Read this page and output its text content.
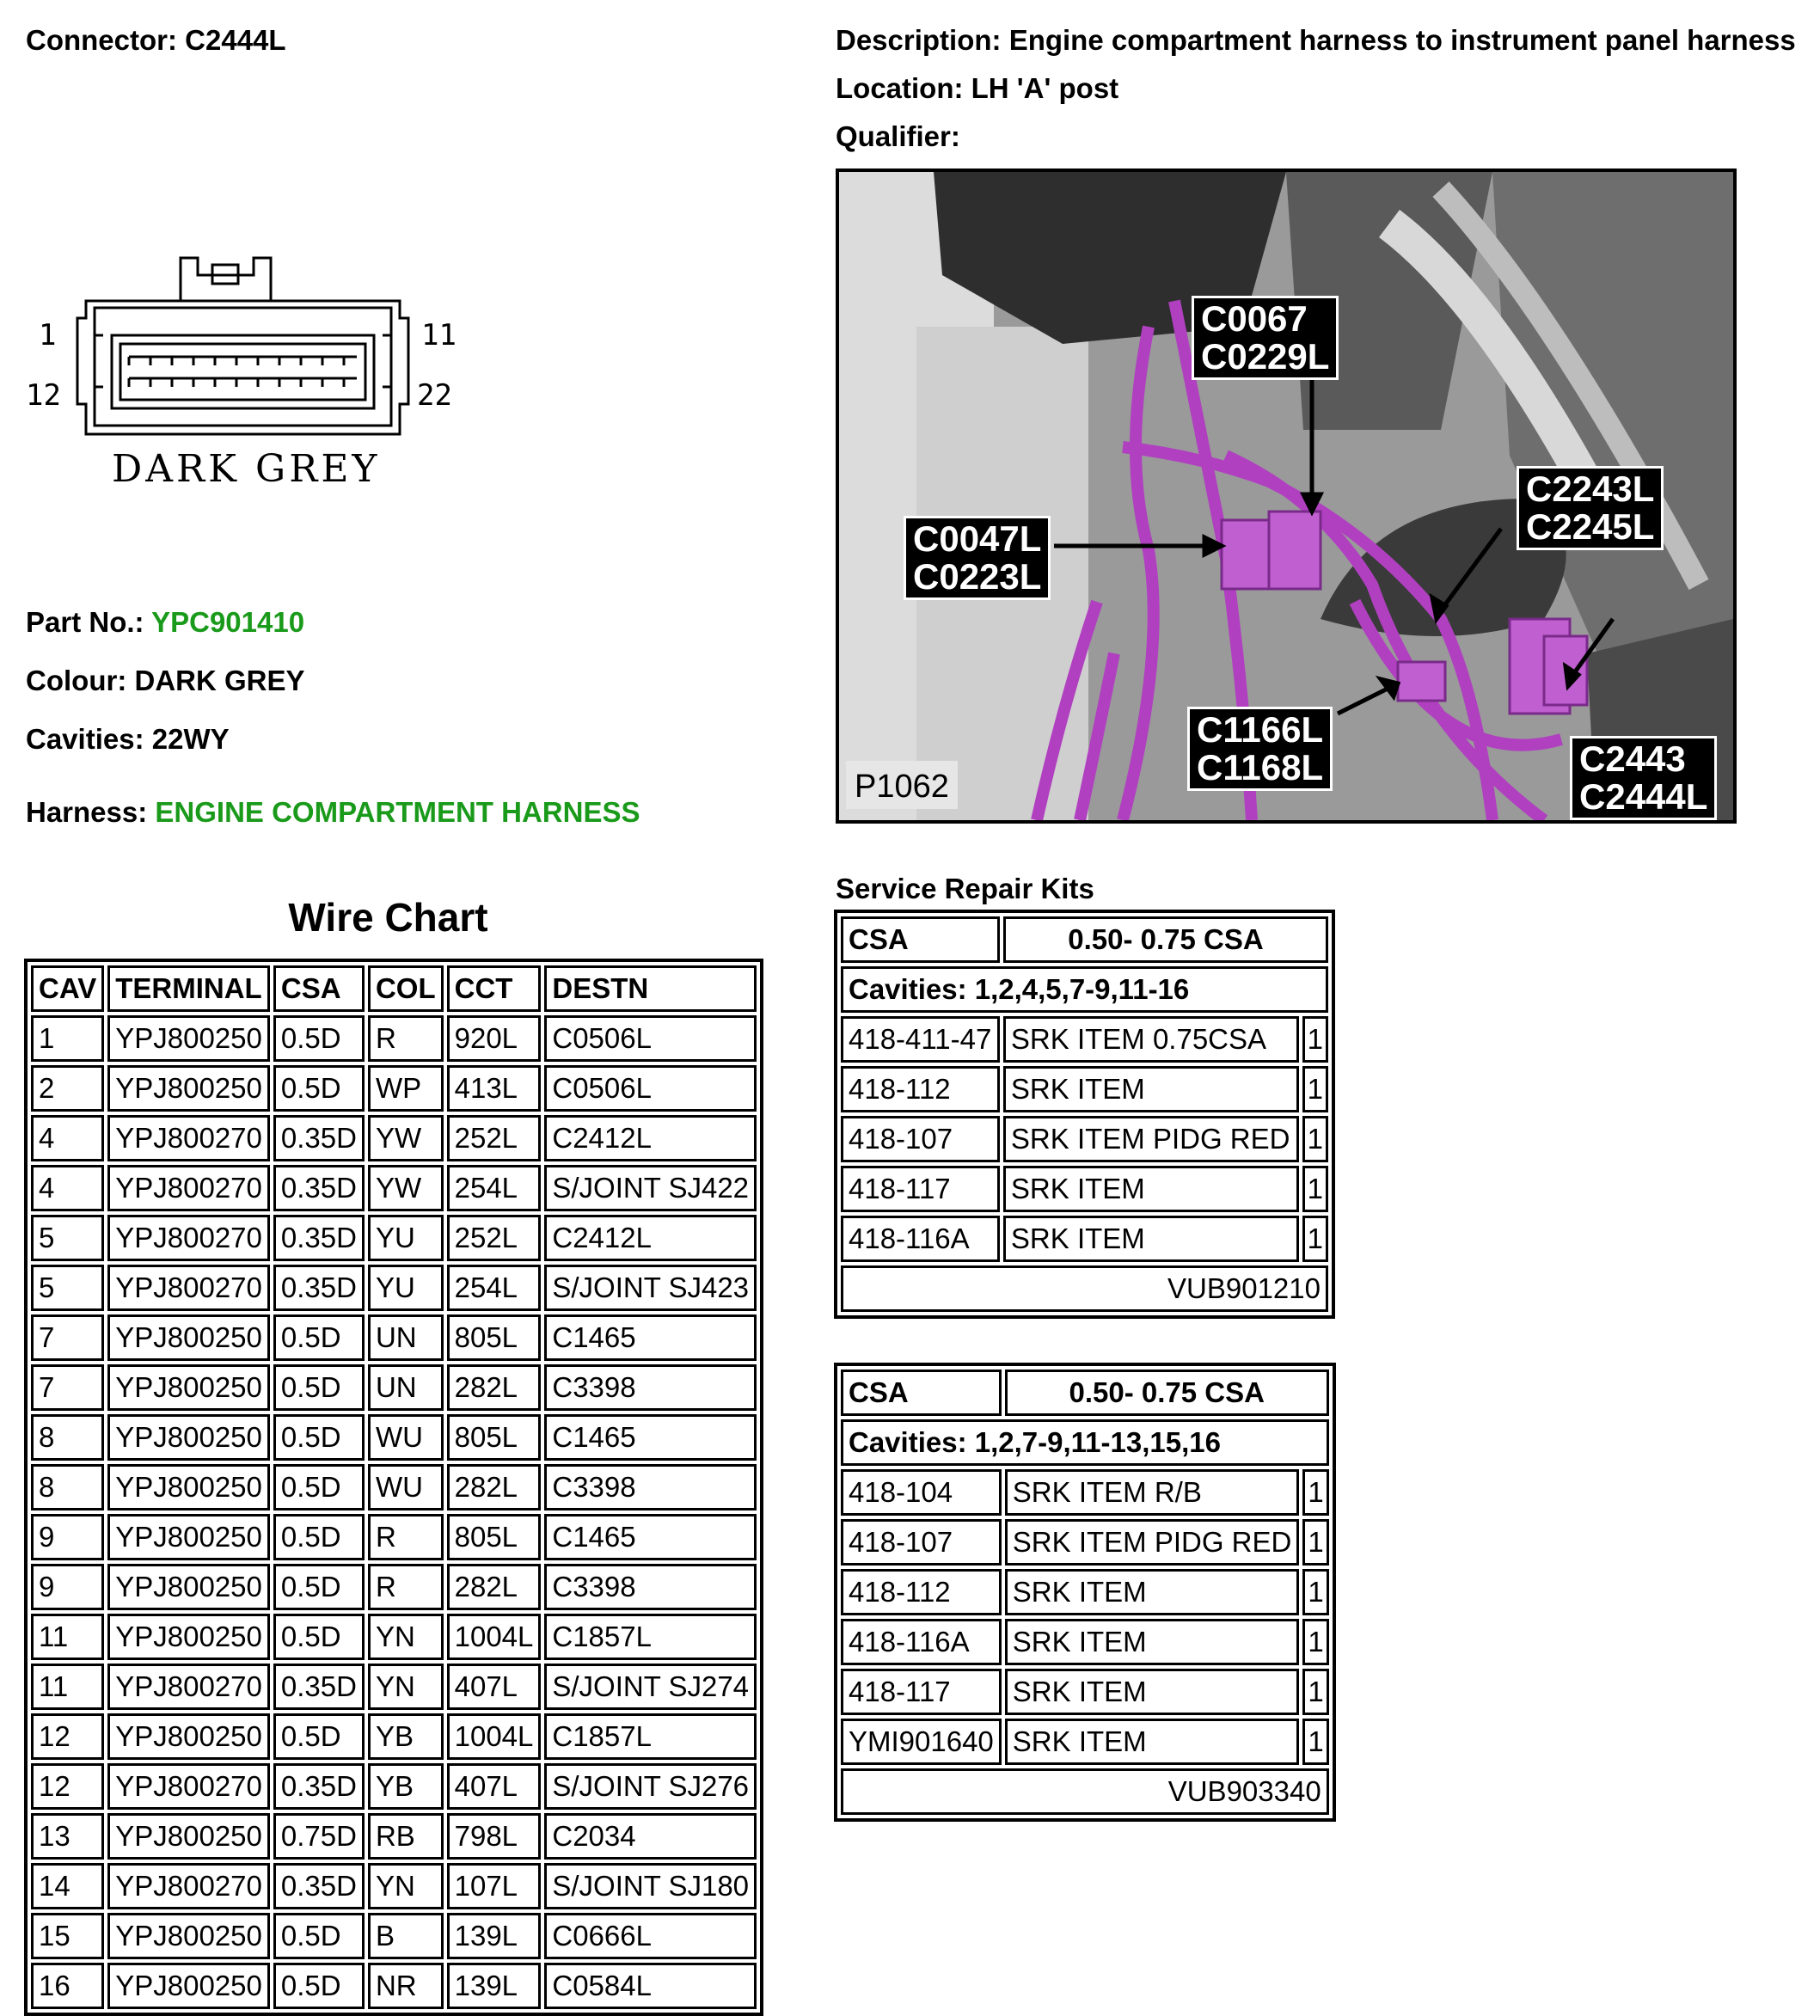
Connector: C2444L	Description: Engine compartment harness to instrument panel harness
Location: LH 'A' post
Qualifier:
1
12
11
22
DARK GREY
Part No.: YPC901410
Colour: DARK GREY
Cavities: 22WY
Harness: ENGINE COMPARTMENT HARNESS
Wire Chart
CAV	TERMINAL	CSA	COL	CCT	DESTN
1	YPJ800250	0.5D	R	920L	C0506L
2	YPJ800250	0.5D	WP	413L	C0506L
4	YPJ800270	0.35D	YW	252L	C2412L
4	YPJ800270	0.35D	YW	254L	S/JOINT SJ422
5	YPJ800270	0.35D	YU	252L	C2412L
5	YPJ800270	0.35D	YU	254L	S/JOINT SJ423
7	YPJ800250	0.5D	UN	805L	C1465
7	YPJ800250	0.5D	UN	282L	C3398
8	YPJ800250	0.5D	WU	805L	C1465
8	YPJ800250	0.5D	WU	282L	C3398
9	YPJ800250	0.5D	R	805L	C1465
9	YPJ800250	0.5D	R	282L	C3398
11	YPJ800250	0.5D	YN	1004L	C1857L
11	YPJ800270	0.35D	YN	407L	S/JOINT SJ274
12	YPJ800250	0.5D	YB	1004L	C1857L
12	YPJ800270	0.35D	YB	407L	S/JOINT SJ276
13	YPJ800250	0.75D	RB	798L	C2034
14	YPJ800270	0.35D	YN	107L	S/JOINT SJ180
15	YPJ800250	0.5D	B	139L	C0666L
16	YPJ800250	0.5D	NR	139L	C0584L
P1062
C0067
C0229L
C0047L
C0223L
C2243L
C2245L
C1166L
C1168L	C2443
C2444L
Service Repair Kits
CSA	0.50- 0.75 CSA	
Cavities: 1,2,4,5,7-9,11-16		
418-411-47	SRK ITEM 0.75CSA	1
418-112	SRK ITEM	1
418-107	SRK ITEM PIDG RED	1
418-117	SRK ITEM	1
418-116A	SRK ITEM	1
VUB901210		
CSA	0.50- 0.75 CSA	
Cavities: 1,2,7-9,11-13,15,16		
418-104	SRK ITEM R/B	1
418-107	SRK ITEM PIDG RED	1
418-112	SRK ITEM	1
418-116A	SRK ITEM	1
418-117	SRK ITEM	1
YMI901640	SRK ITEM	1
VUB903340		
